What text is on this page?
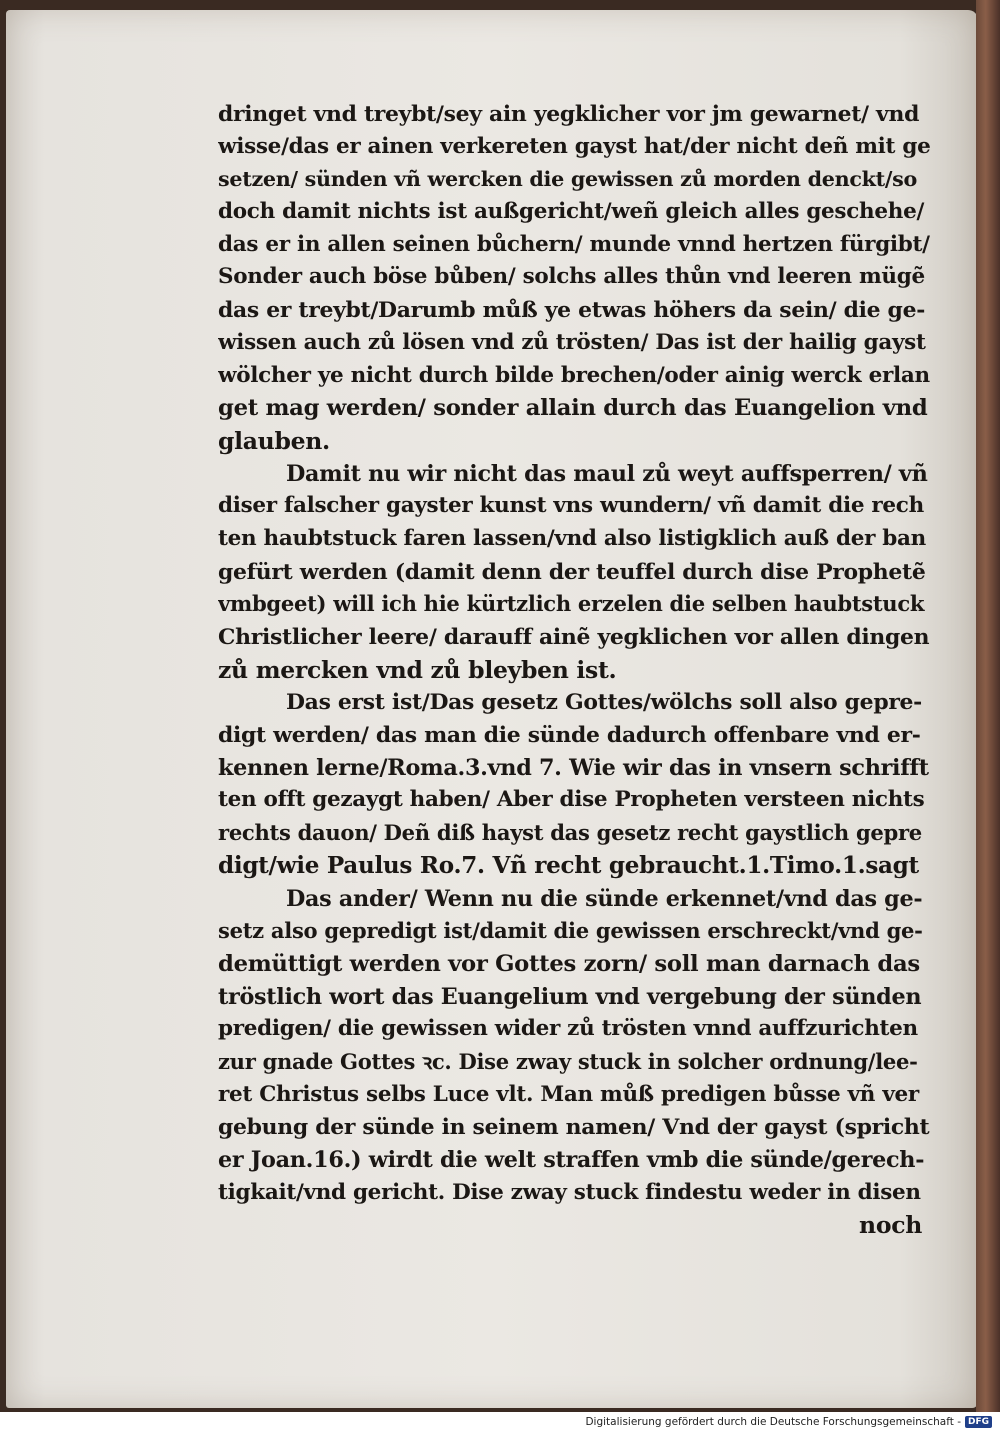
dringet vnd treybt/sey ain yegklicher vor jm gewarnet/ vnd
wisse/das er ainen verkereten gayst hat/der nicht deñ mit ge
setzen/ sünden vñ wercken die gewissen zů morden denckt/so
doch damit nichts ist außgericht/weñ gleich alles geschehe/
das er in allen seinen bůchern/ munde vnnd hertzen fürgibt/
Sonder auch böse bůben/ solchs alles thůn vnd leeren mügẽ
das er treybt/Darumb můß ye etwas höhers da sein/ die ge-
wissen auch zů lösen vnd zů trösten/ Das ist der hailig gayst
wölcher ye nicht durch bilde brechen/oder ainig werck erlan
get mag werden/ sonder allain durch das Euangelion vnd
glauben.
Damit nu wir nicht das maul zů weyt auffsperren/ vñ
diser falscher gayster kunst vns wundern/ vñ damit die rech
ten haubtstuck faren lassen/vnd also listigklich auß der ban
gefürt werden (damit denn der teuffel durch dise Prophetẽ
vmbgeet) will ich hie kürtzlich erzelen die selben haubtstuck
Christlicher leere/ darauff ainẽ yegklichen vor allen dingen
zů mercken vnd zů bleyben ist.
Das erst ist/Das gesetz Gottes/wölchs soll also gepre-
digt werden/ das man die sünde dadurch offenbare vnd er-
kennen lerne/Roma.3.vnd 7. Wie wir das in vnsern schrifft
ten offt gezaygt haben/ Aber dise Propheten versteen nichts
rechts dauon/ Deñ diß hayst das gesetz recht gaystlich gepre
digt/wie Paulus Ro.7. Vñ recht gebraucht.1.Timo.1.sagt
Das ander/ Wenn nu die sünde erkennet/vnd das ge-
setz also gepredigt ist/damit die gewissen erschreckt/vnd ge-
demüttigt werden vor Gottes zorn/ soll man darnach das
tröstlich wort das Euangelium vnd vergebung der sünden
predigen/ die gewissen wider zů trösten vnnd auffzurichten
zur gnade Gottes ꝛc. Dise zway stuck in solcher ordnung/lee-
ret Christus selbs Luce vlt. Man můß predigen bůsse vñ ver
gebung der sünde in seinem namen/ Vnd der gayst (spricht
er Joan.16.) wirdt die welt straffen vmb die sünde/gerech-
tigkait/vnd gericht. Dise zway stuck findestu weder in disen
noch
Digitalisierung gefördert durch die Deutsche Forschungsgemeinschaft - DFG
